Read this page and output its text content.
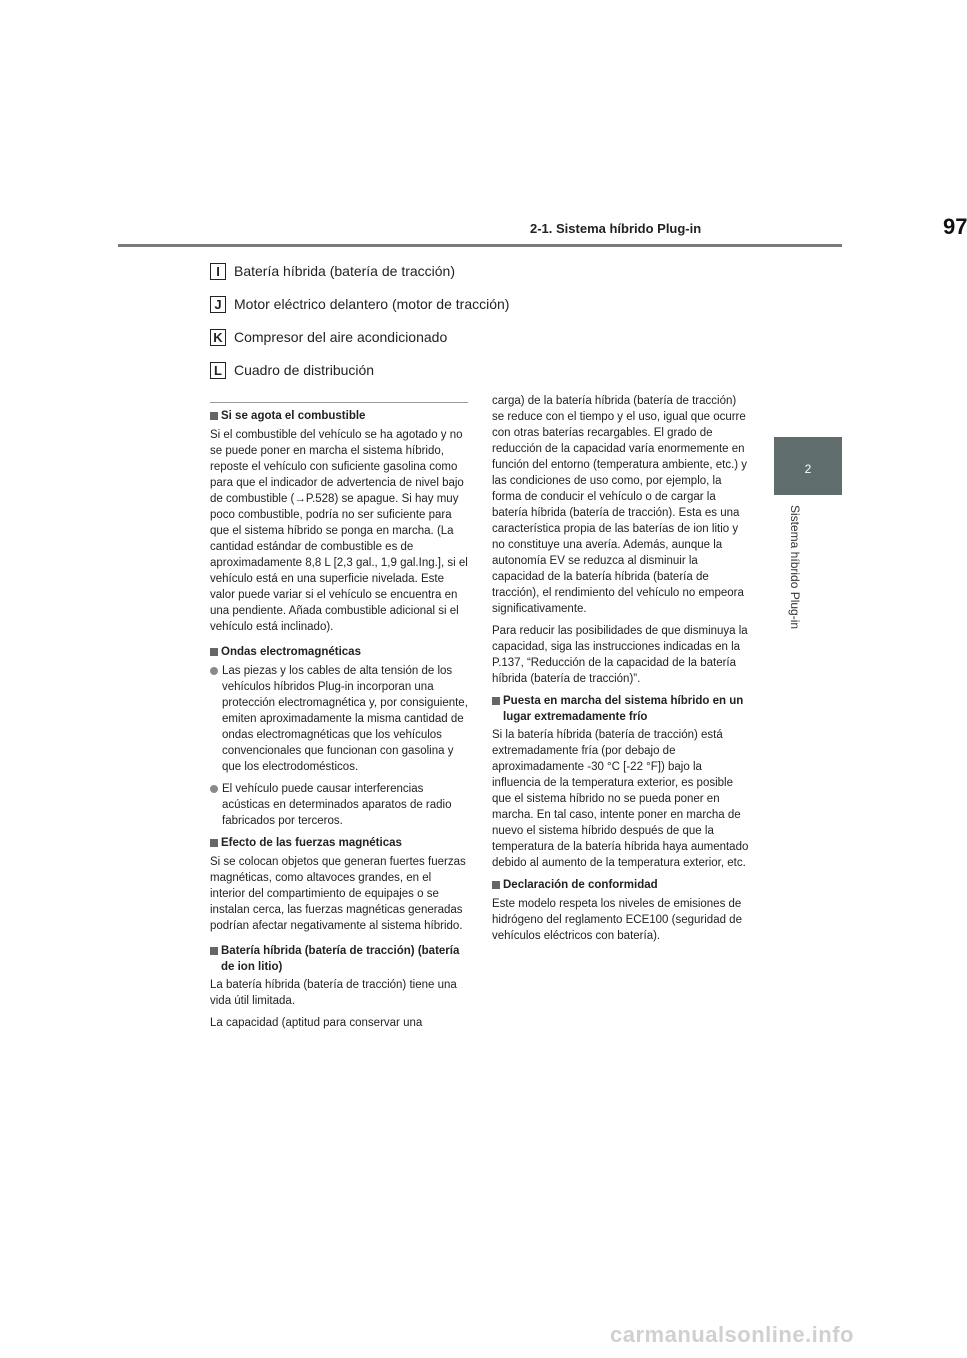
2-1. Sistema híbrido Plug-in	97
2
Sistema híbrido Plug-in
I	Batería híbrida (batería de tracción)
J Motor eléctrico delantero (motor de tracción)
K Compresor del aire acondicionado
L Cuadro de distribución
Si se agota el combustible

Si el combustible del vehículo se ha agotado y no se puede poner en marcha el sistema híbrido, reposte el vehículo con suficiente gasolina como para que el indicador de advertencia de nivel bajo de combustible (→P.528) se apague. Si hay muy poco combustible, podría no ser suficiente para que el sistema híbrido se ponga en marcha. (La cantidad estándar de combustible es de aproximadamente 8,8 L [2,3 gal., 1,9 gal.Ing.], si el vehículo está en una superficie nivelada. Este valor puede variar si el vehículo se encuentra en una pendiente. Añada combustible adicional si el vehículo está inclinado).

Ondas electromagnéticas
Las piezas y los cables de alta tensión de los vehículos híbridos Plug-in incorporan una protección electromagnética y, por consiguiente, emiten aproximadamente la misma cantidad de ondas electromagnéticas que los vehículos convencionales que funcionan con gasolina y que los electrodomésticos.
El vehículo puede causar interferencias acústicas en determinados aparatos de radio fabricados por terceros.
Efecto de las fuerzas magnéticas

Si se colocan objetos que generan fuertes fuerzas magnéticas, como altavoces grandes, en el interior del compartimiento de equipajes o se instalan cerca, las fuerzas magnéticas generadas podrían afectar negativamente al sistema híbrido.

Batería híbrida (batería de tracción) (batería de ion litio)

La batería híbrida (batería de tracción) tiene una vida útil limitada.

La capacidad (aptitud para conservar una

carga) de la batería híbrida (batería de tracción) se reduce con el tiempo y el uso, igual que ocurre con otras baterías recargables. El grado de reducción de la capacidad varía enormemente en función del entorno (temperatura ambiente, etc.) y las condiciones de uso como, por ejemplo, la forma de conducir el vehículo o de cargar la batería híbrida (batería de tracción). Esta es una característica propia de las baterías de ion litio y no constituye una avería. Además, aunque la autonomía EV se reduzca al disminuir la capacidad de la batería híbrida (batería de tracción), el rendimiento del vehículo no empeora significativamente.

Para reducir las posibilidades de que disminuya la capacidad, siga las instrucciones indicadas en la P.137, “Reducción de la capacidad de la batería híbrida (batería de tracción)”.

Puesta en marcha del sistema híbrido en un lugar extremadamente frío

Si la batería híbrida (batería de tracción) está extremadamente fría (por debajo de aproximadamente -30 °C [-22 °F]) bajo la influencia de la temperatura exterior, es posible que el sistema híbrido no se pueda poner en marcha. En tal caso, intente poner en marcha de nuevo el sistema híbrido después de que la temperatura de la batería híbrida haya aumentado debido al aumento de la temperatura exterior, etc.

Declaración de conformidad

Este modelo respeta los niveles de emisiones de hidrógeno del reglamento ECE100 (seguridad de vehículos eléctricos con batería).

carmanualsonline.info
